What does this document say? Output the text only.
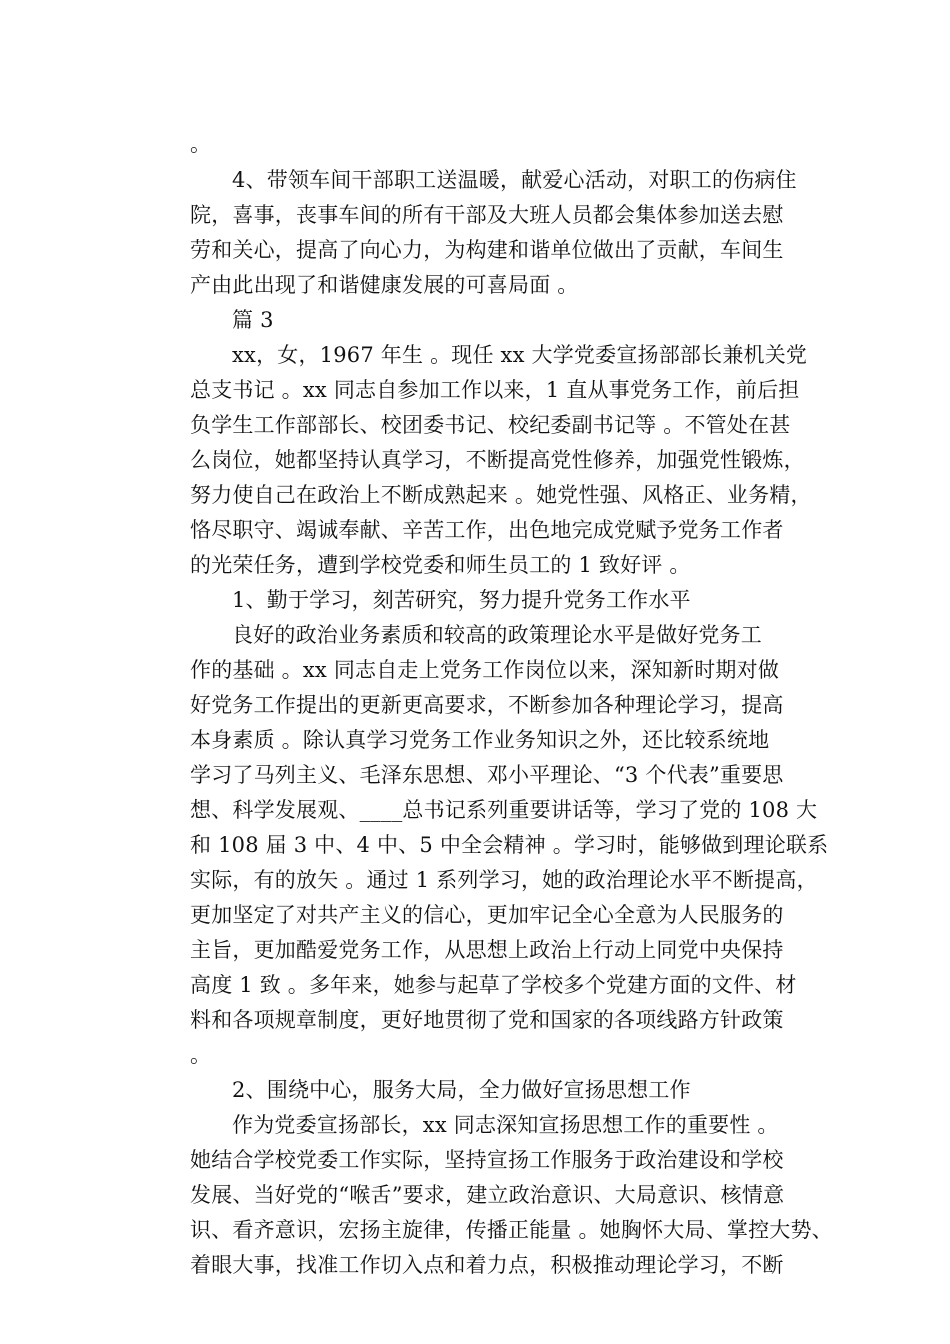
。
4、带领车间干部职工送温暖，献爱心活动，对职工的伤病住
院，喜事，丧事车间的所有干部及大班人员都会集体参加送去慰
劳和关心，提高了向心力，为构建和谐单位做出了贡献，车间生
产由此出现了和谐健康发展的可喜局面 。
篇 3
xx，女，1967 年生 。现任 xx 大学党委宣扬部部长兼机关党
总支书记 。xx 同志自参加工作以来，1 直从事党务工作，前后担
负学生工作部部长、校团委书记、校纪委副书记等 。不管处在甚
么岗位，她都坚持认真学习，不断提高党性修养，加强党性锻炼，
努力使自己在政治上不断成熟起来 。她党性强、风格正、业务精，
恪尽职守、竭诚奉献、辛苦工作，出色地完成党赋予党务工作者
的光荣任务，遭到学校党委和师生员工的 1 致好评 。
1、勤于学习，刻苦研究，努力提升党务工作水平
良好的政治业务素质和较高的政策理论水平是做好党务工
作的基础 。xx 同志自走上党务工作岗位以来，深知新时期对做
好党务工作提出的更新更高要求，不断参加各种理论学习，提高
本身素质 。除认真学习党务工作业务知识之外，还比较系统地
学习了马列主义、毛泽东思想、邓小平理论、“3 个代表”重要思
想、科学发展观、____总书记系列重要讲话等，学习了党的 108 大
和 108 届 3 中、4 中、5 中全会精神 。学习时，能够做到理论联系
实际，有的放矢 。通过 1 系列学习，她的政治理论水平不断提高，
更加坚定了对共产主义的信心，更加牢记全心全意为人民服务的
主旨，更加酷爱党务工作，从思想上政治上行动上同党中央保持
高度 1 致 。多年来，她参与起草了学校多个党建方面的文件、材
料和各项规章制度，更好地贯彻了党和国家的各项线路方针政策
。
2、围绕中心，服务大局，全力做好宣扬思想工作
作为党委宣扬部长，xx 同志深知宣扬思想工作的重要性 。
她结合学校党委工作实际，坚持宣扬工作服务于政治建设和学校
发展、当好党的“喉舌”要求，建立政治意识、大局意识、核情意
识、看齐意识，宏扬主旋律，传播正能量 。她胸怀大局、掌控大势、
着眼大事，找准工作切入点和着力点，积极推动理论学习，不断
